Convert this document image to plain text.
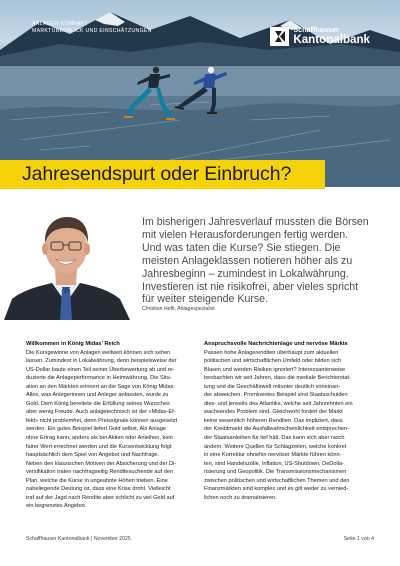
ANLAGEN KOMPAKT
MARKTÜBERBLICK UND EINSCHÄTZUNGEN	Schaffhauser
Kantonalbank
Jahresendspurt oder Einbruch?
Im bisherigen Jahresverlauf mussten die Börsen
mit vielen Herausforderungen fertig werden.
Und was taten die Kurse? Sie stiegen. Die
meisten Anlageklassen notieren höher als zu
Jahresbeginn – zumindest in Lokalwährung.
Investieren ist nie risikofrei, aber vieles spricht
für weiter steigende Kurse.
Christian Hefti, Anlagespezialist
Willkommen in König Midas’ Reich
Die Kursgewinne von Anlagen weltweit können sich sehen
lassen. Zumindest in Lokalwährung, denn beispielsweise der
US-Dollar baute einen Teil seiner Überbewertung ab und re-
duzierte die Anlageperformance in Heimwährung. Die Situ-
ation an den Märkten erinnert an die Sage von König Midas:
Alles, was Anlegerinnen und Anleger anfassten, wurde zu
Gold. Dem König bereitete die Erfüllung seines Wunsches
aber wenig Freude. Auch anlagetechnisch ist der «Midas-Ef-
fekt» nicht problemfrei, denn Preissignale können ausgesetzt
werden. Ein gutes Beispiel liefert Gold selbst. Als Anlage
ohne Ertrag kann, anders als bei Aktien oder Anleihen, kein
fairer Wert errechnet werden und die Kursentwicklung folgt
hauptsächlich dem Spiel von Angebot und Nachfrage.
Neben den klassischen Motiven der Absicherung und der Di-
versifikation traten nachfragseitig Renditesuchende auf den
Plan, welche die Kurse in ungeahnte Höhen trieben. Eine
naheliegende Deutung ist, dass eine Krise droht. Vielleicht
traf auf der Jagd nach Rendite aber schlicht zu viel Geld auf
ein begrenztes Angebot.
Anspruchsvolle Nachrichtenlage und nervöse Märkte
Passen hohe Anlagerenditen überhaupt zum aktuellen
politischen und wirtschaftlichen Umfeld oder bilden sich
Blasen und werden Risiken ignoriert? Interessanterweise
beobachten wir seit Jahren, dass die mediale Berichterstat-
tung und die Geschäftswelt mitunter deutlich voneinan-
der abweichen. Prominentes Beispiel sind Staatsschulden
dies- und jenseits des Atlantiks, welche seit Jahrzehnten ein
wachsendes Problem sind. Gleichwohl fordert der Markt
keine wesentlich höheren Renditen. Das impliziert, dass
der Kreditmarkt die Ausfallwahrscheinlichkeit entsprechen-
der Staatsanleihen für tief hält. Das kann sich aber rasch
ändern. Weitere Quellen für Schlagzeilen, welche konkret
in eine Korrektur ohnehin nervöser Märkte führen könn-
ten, sind Handelszölle, Inflation, US-Shutdown, DeDolla-
risierung und Geopolitik. Die Transmissionsmechanismen
zwischen politischen und wirtschaftlichen Themen und den
Finanzmärkten sind komplex und es gilt weder zu vernied-
lichen noch zu dramatisieren.
Schaffhauser Kantonalbank | November 2025	Seite 1 von 4
